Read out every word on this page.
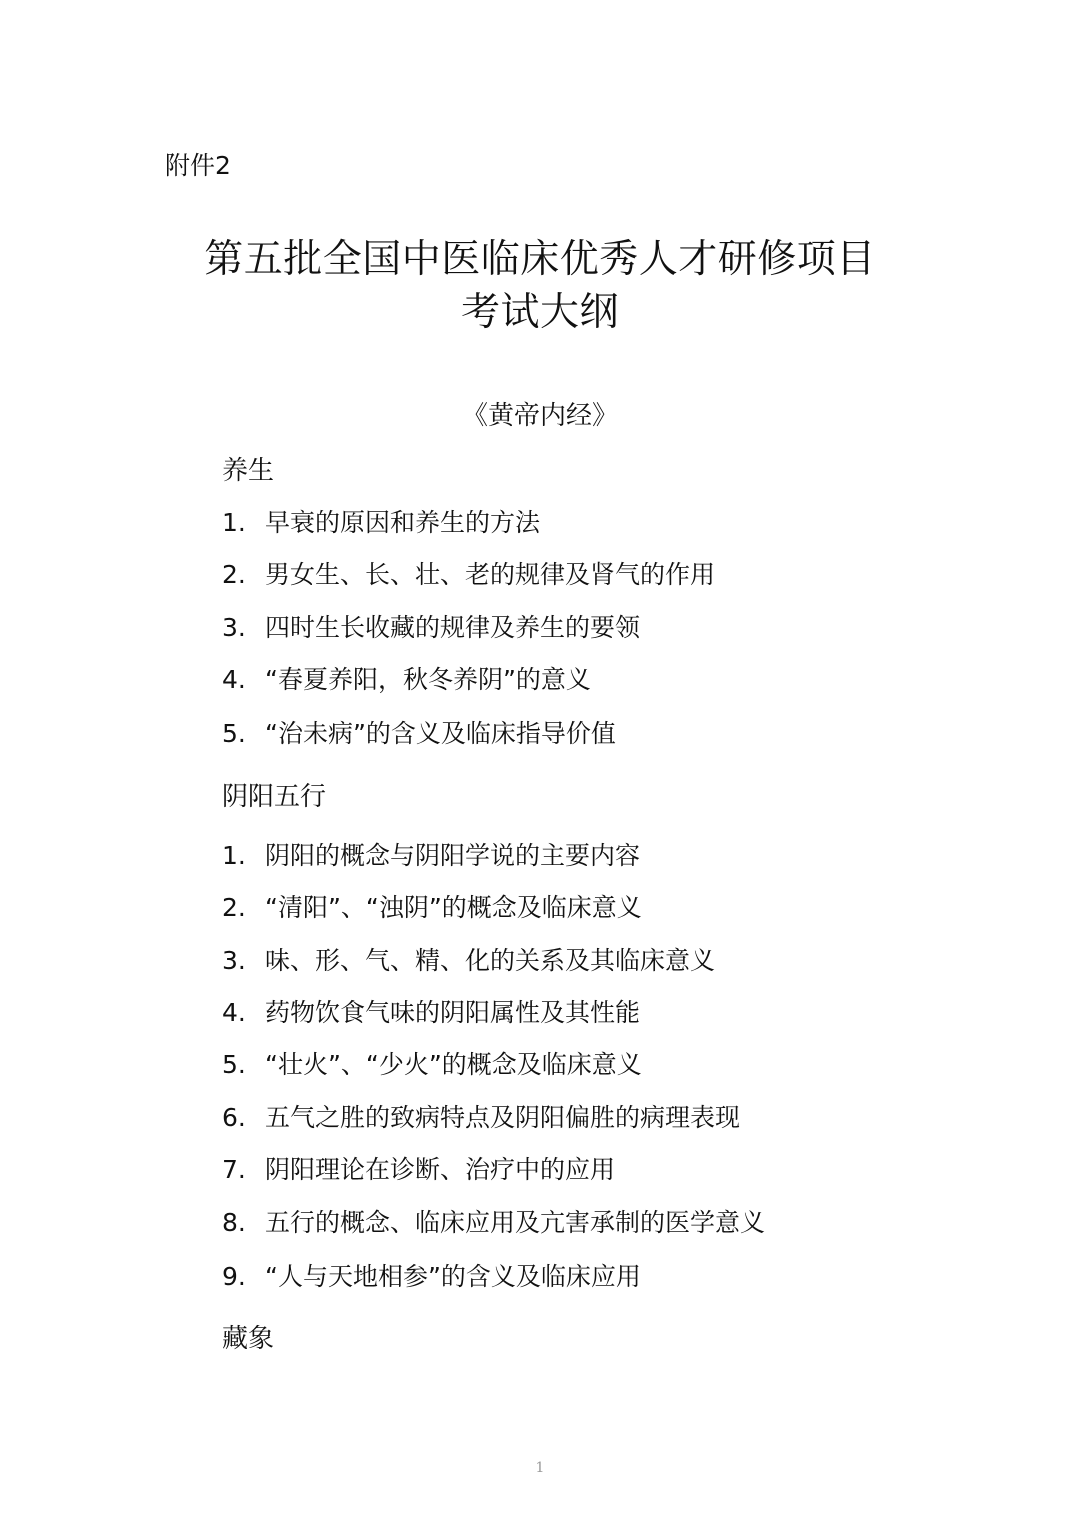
附件2
第五批全国中医临床优秀人才研修项目
考试大纲
《黄帝内经》
养生
1. 早衰的原因和养生的方法
2. 男女生、长、壮、老的规律及肾气的作用
3. 四时生长收藏的规律及养生的要领
4. “春夏养阳，秋冬养阴”的意义
5. “治未病”的含义及临床指导价值
阴阳五行
1. 阴阳的概念与阴阳学说的主要内容
2. “清阳”、“浊阴”的概念及临床意义
3. 味、形、气、精、化的关系及其临床意义
4. 药物饮食气味的阴阳属性及其性能
5. “壮火”、“少火”的概念及临床意义
6. 五气之胜的致病特点及阴阳偏胜的病理表现
7. 阴阳理论在诊断、治疗中的应用
8. 五行的概念、临床应用及亢害承制的医学意义
9. “人与天地相参”的含义及临床应用
藏象
1
